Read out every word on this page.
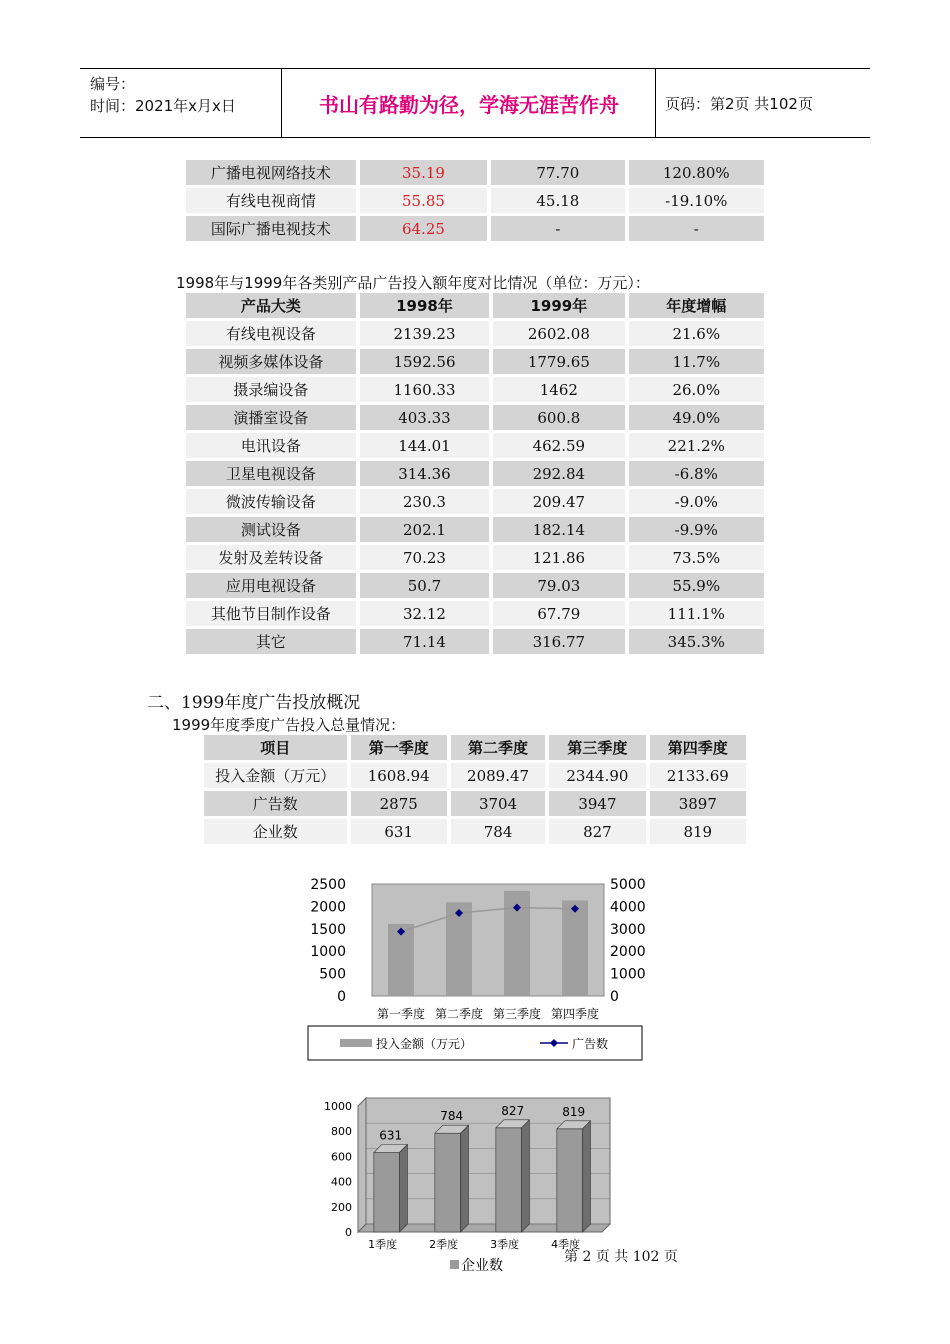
编号：
时间：2021年x月x日	书山有路勤为径，学海无涯苦作舟	页码：第2页 共102页
广播电视网络技术	35.19	77.70	120.80%
有线电视商情	55.85	45.18	-19.10%
国际广播电视技术	64.25	-	-
1998年与1999年各类别产品广告投入额年度对比情况（单位：万元）：
产品大类	1998年	1999年	年度增幅
有线电视设备	2139.23	2602.08	21.6%
视频多媒体设备	1592.56	1779.65	11.7%
摄录编设备	1160.33	1462	26.0%
演播室设备	403.33	600.8	49.0%
电讯设备	144.01	462.59	221.2%
卫星电视设备	314.36	292.84	-6.8%
微波传输设备	230.3	209.47	-9.0%
测试设备	202.1	182.14	-9.9%
发射及差转设备	70.23	121.86	73.5%
应用电视设备	50.7	79.03	55.9%
其他节目制作设备	32.12	67.79	111.1%
其它	71.14	316.77	345.3%
二、1999年度广告投放概况
1999年度季度广告投入总量情况：
项目	第一季度	第二季度	第三季度	第四季度
投入金额（万元）	1608.94	2089.47	2344.90	2133.69
广告数	2875	3704	3947	3897
企业数	631	784	827	819
0
500
1000
1500
2000
2500
0
1000
2000
3000
4000
5000
第一季度 第二季度 第三季度 第四季度
投入金额（万元）	广告数
0
200
400
600
800
1000
631
1季度
784
2季度
827
3季度
819
4季度
企业数
第 2 页 共 102 页
